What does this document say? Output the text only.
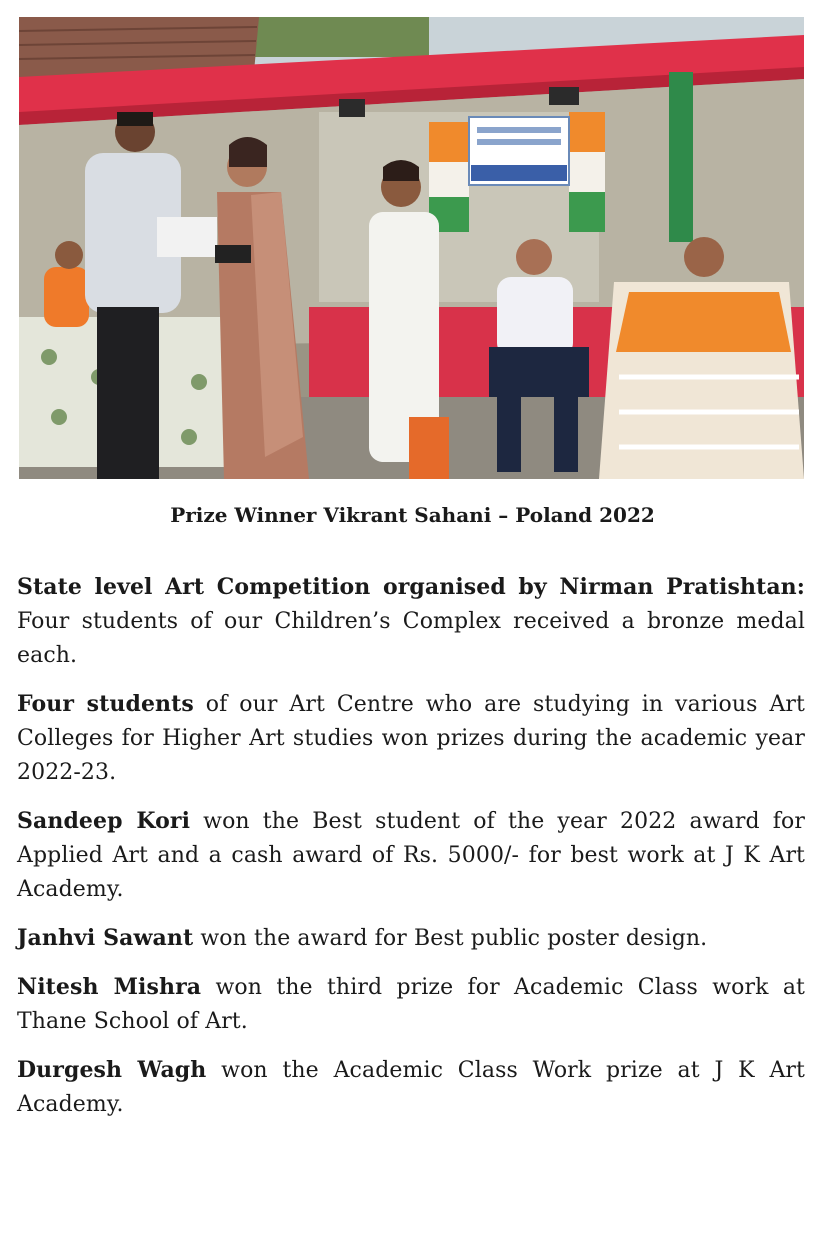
Prize Winner Vikrant Sahani – Poland 2022

State level Art Competition organised by Nirman Pratishtan: Four students of our Children’s Complex received a bronze medal each.

Four students of our Art Centre who are studying in various Art Colleges for Higher Art studies won prizes during the academic year 2022-23.

Sandeep Kori won the Best student of the year 2022 award for Applied Art and a cash award of Rs. 5000/- for best work at J K Art Academy.

Janhvi Sawant won the award for Best public poster design.

Nitesh Mishra won the third prize for Academic Class work at Thane School of Art.

Durgesh Wagh won the Academic Class Work prize at J K Art Academy.
